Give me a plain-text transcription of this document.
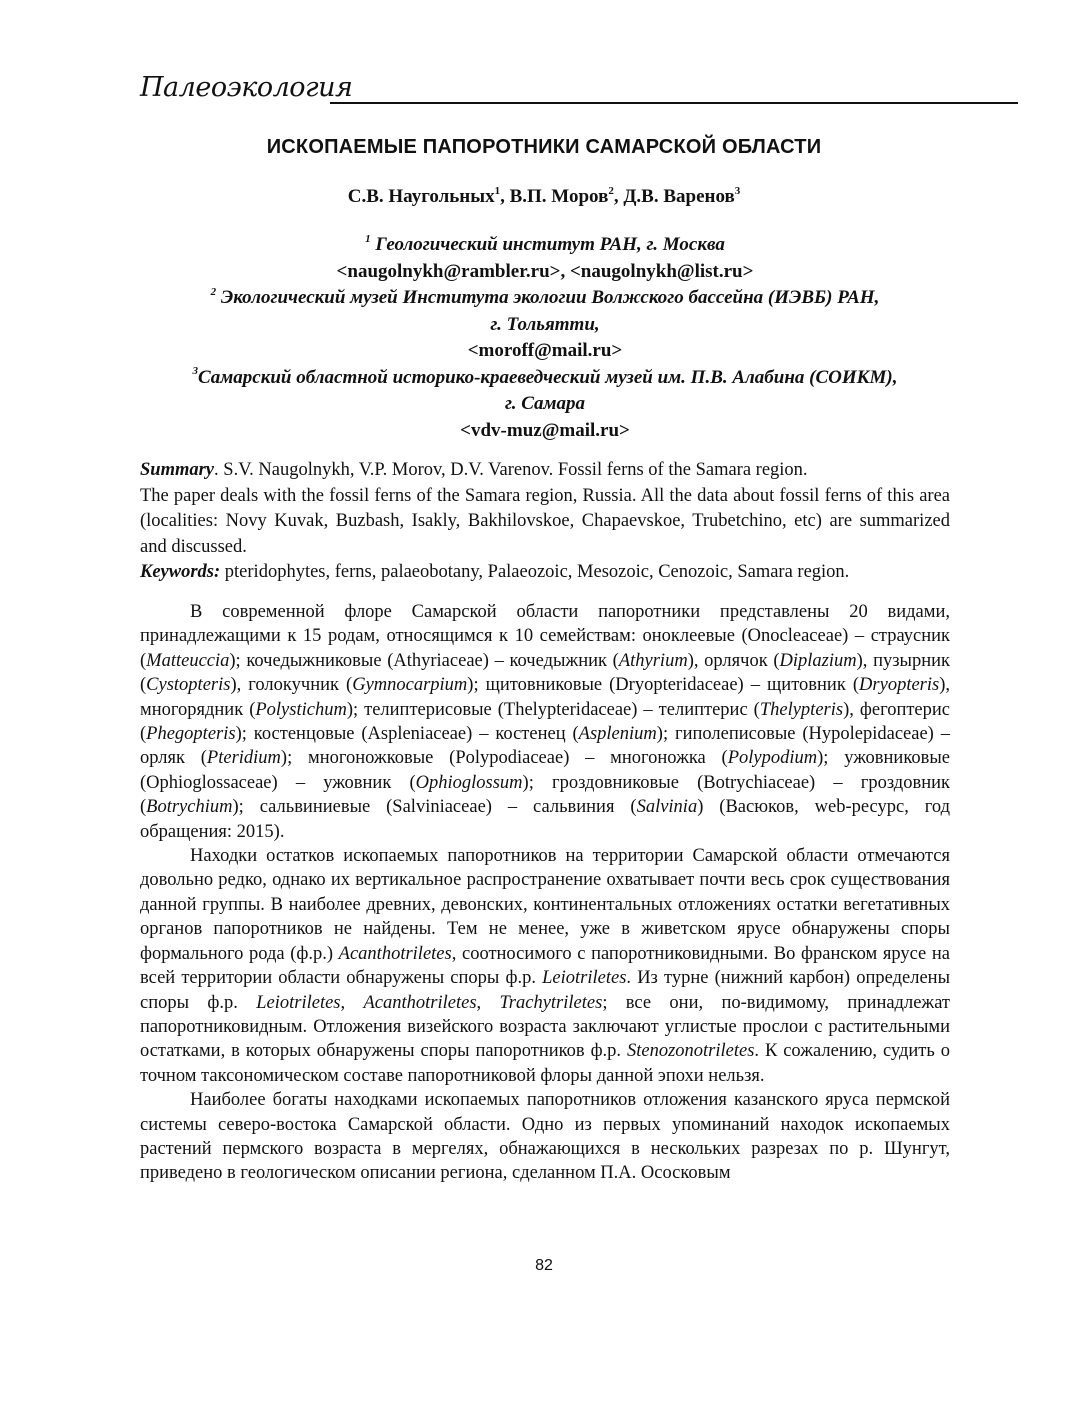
Палеоэкология
ИСКОПАЕМЫЕ ПАПОРОТНИКИ САМАРСКОЙ ОБЛАСТИ
С.В. Наугольных$^1$, В.П. Моров$^2$, Д.В. Варенов$^3$
$^1$ Геологический институт РАН, г. Москва
<naugolnykh@rambler.ru>, <naugolnykh@list.ru>
$^2$ Экологический музей Института экологии Волжского бассейна (ИЭВБ) РАН,
г. Тольятти,
<moroff@mail.ru>
$^3$Самарский областной историко-краеведческий музей им. П.В. Алабина (СОИКМ),
г. Самара
<vdv-muz@mail.ru>

Summary. S.V. Naugolnykh, V.P. Morov, D.V. Varenov. Fossil ferns of the Samara region.

The paper deals with the fossil ferns of the Samara region, Russia. All the data about fossil ferns of this area (localities: Novy Kuvak, Buzbash, Isakly, Bakhilovskoe, Chapaevskoe, Trubetchino, etc) are summarized and discussed.

Keywords: pteridophytes, ferns, palaeobotany, Palaeozoic, Mesozoic, Cenozoic, Samara region.

В современной флоре Самарской области папоротники представлены 20 видами, принадлежащими к 15 родам, относящимся к 10 семействам: оноклеевые (Onocleaceae) – страусник (Matteuccia); кочедыжниковые (Athyriaceae) – кочедыжник (Athyrium), орлячок (Diplazium), пузырник (Cystopteris), голокучник (Gymnocarpium); щитовниковые (Dryopteridaceae) – щитовник (Dryopteris), многорядник (Polystichum); телиптерисовые (Thelypteridaceae) – телиптерис (Thelypteris), фегоптерис (Phegopteris); костенцовые (Aspleniaceae) – костенец (Asplenium); гиполеписовые (Hypolepidaceae) – орляк (Pteridium); многоножковые (Polypodiaceae) – многоножка (Polypodium); ужовниковые (Ophioglossaceae) – ужовник (Ophioglossum); гроздовниковые (Botrychiaceae) – гроздовник (Botrychium); сальвиниевые (Salviniaceae) – сальвиния (Salvinia) (Васюков, web-ресурс, год обращения: 2015).

Находки остатков ископаемых папоротников на территории Самарской области отмечаются довольно редко, однако их вертикальное распространение охватывает почти весь срок существования данной группы. В наиболее древних, девонских, континентальных отложениях остатки вегетативных органов папоротников не найдены. Тем не менее, уже в живетском ярусе обнаружены споры формального рода (ф.р.) Acanthotriletes, соотносимого с папоротниковидными. Во франском ярусе на всей территории области обнаружены споры ф.р. Leiotriletes. Из турне (нижний карбон) определены споры ф.р. Leiotriletes, Acanthotriletes, Trachytriletes; все они, по-видимому, принадлежат папоротниковидным. Отложения визейского возраста заключают углистые прослои с растительными остатками, в которых обнаружены споры папоротников ф.р. Stenozonotriletes. К сожалению, судить о точном таксономическом составе папоротниковой флоры данной эпохи нельзя.

Наиболее богаты находками ископаемых папоротников отложения казанского яруса пермской системы северо-востока Самарской области. Одно из первых упоминаний находок ископаемых растений пермского возраста в мергелях, обнажающихся в нескольких разрезах по р. Шунгут, приведено в геологическом описании региона, сделанном П.А. Ососковым

82
